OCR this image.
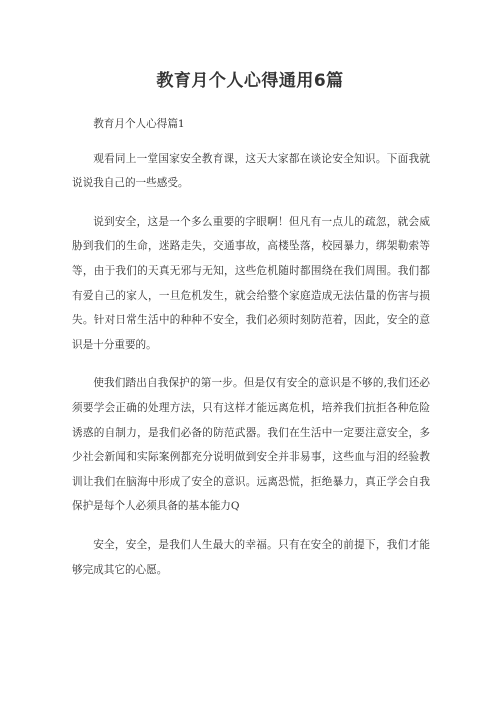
教育月个人心得通用6篇

教育月个人心得篇1

观看同上一堂国家安全教育课，这天大家都在谈论安全知识。下面我就说说我自己的一些感受。

说到安全，这是一个多么重要的字眼啊！但凡有一点儿的疏忽，就会威胁到我们的生命，迷路走失，交通事故，高楼坠落，校园暴力，绑架勒索等等，由于我们的天真无邪与无知，这些危机随时都围绕在我们周围。我们都有爱自己的家人，一旦危机发生，就会给整个家庭造成无法估量的伤害与损失。针对日常生活中的种种不安全，我们必须时刻防范着，因此，安全的意识是十分重要的。

使我们踏出自我保护的第一步。但是仅有安全的意识是不够的,我们还必须要学会正确的处理方法，只有这样才能远离危机，培养我们抗拒各种危险诱惑的自制力，是我们必备的防范武器。我们在生活中一定要注意安全，多少社会新闻和实际案例都充分说明做到安全并非易事，这些血与泪的经验教训让我们在脑海中形成了安全的意识。远离恐慌，拒绝暴力，真正学会自我保护是每个人必须具备的基本能力Q

安全，安全，是我们人生最大的幸福。只有在安全的前提下，我们才能够完成其它的心愿。
